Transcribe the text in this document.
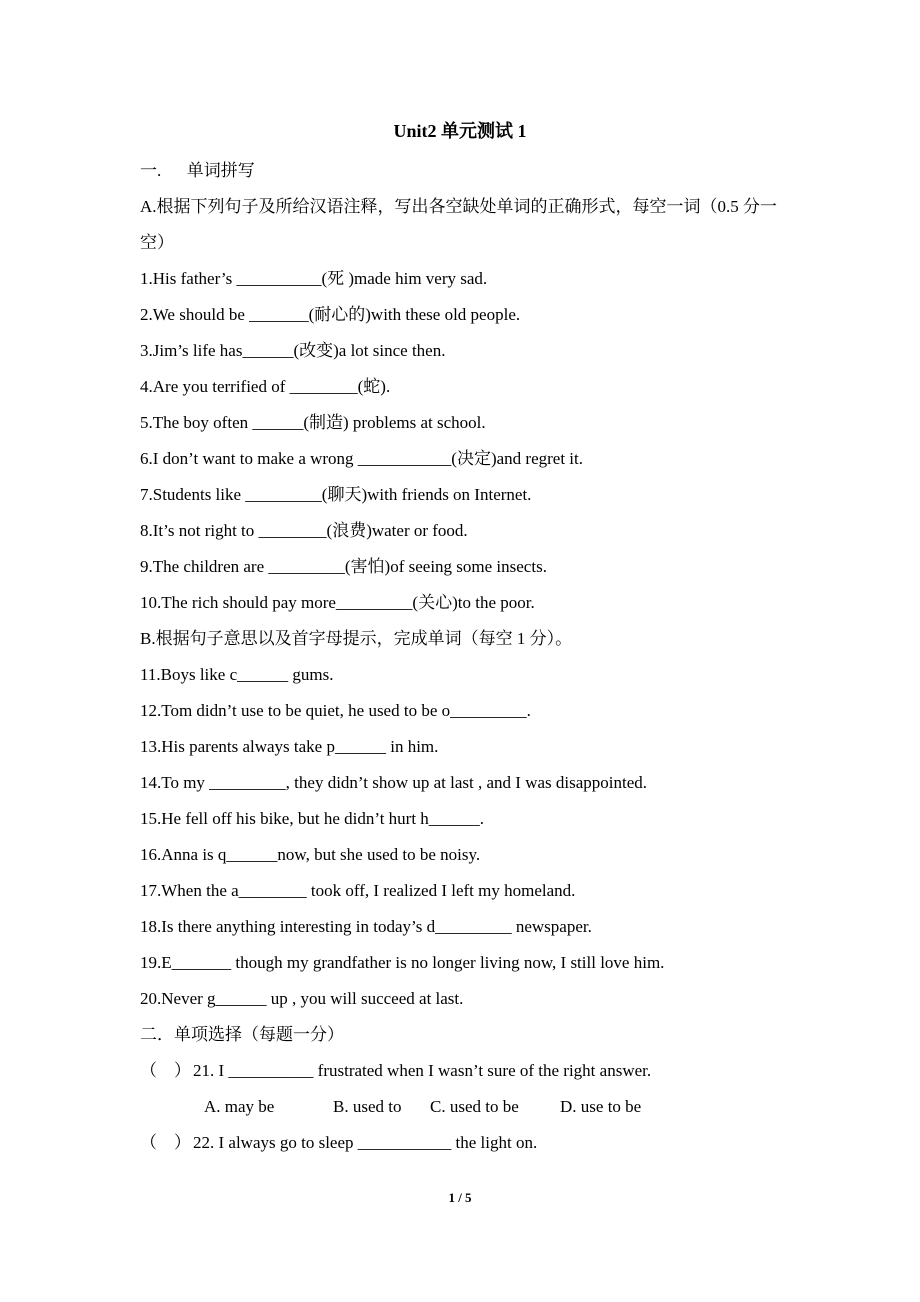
Unit2 单元测试 1
一.      单词拼写
A.根据下列句子及所给汉语注释，写出各空缺处单词的正确形式，每空一词（0.5 分一空）
1.His father’s __________(死 )made him very sad.
2.We should be _______(耐心的)with these old people.
3.Jim’s life has______(改变)a lot since then.
4.Are you terrified of ________(蛇).
5.The boy often ______(制造) problems at school.
6.I don’t want to make a wrong ___________(决定)and regret it.
7.Students like _________(聊天)with friends on Internet.
8.It’s not right to ________(浪费)water or food.
9.The children are _________(害怕)of seeing some insects.
10.The rich should pay more_________(关心)to the poor.
B.根据句子意思以及首字母提示，完成单词（每空 1 分）。
11.Boys like c______ gums.
12.Tom didn’t use to be quiet, he used to be o_________.
13.His parents always take p______ in him.
14.To my _________, they didn’t show up at last , and I was disappointed.
15.He fell off his bike, but he didn’t hurt h______.
16.Anna is q______now, but she used to be noisy.
17.When the a________ took off, I realized I left my homeland.
18.Is there anything interesting in today’s d_________ newspaper.
19.E_______ though my grandfather is no longer living now, I still love him.
20.Never g______ up , you will succeed at last.
二．单项选择（每题一分）
（    ） 21. I __________ frustrated when I wasn’t sure of the right answer.
A. may be	B. used to C. used to be D. use to be
（    ） 22. I always go to sleep ___________ the light on.
1 / 5
